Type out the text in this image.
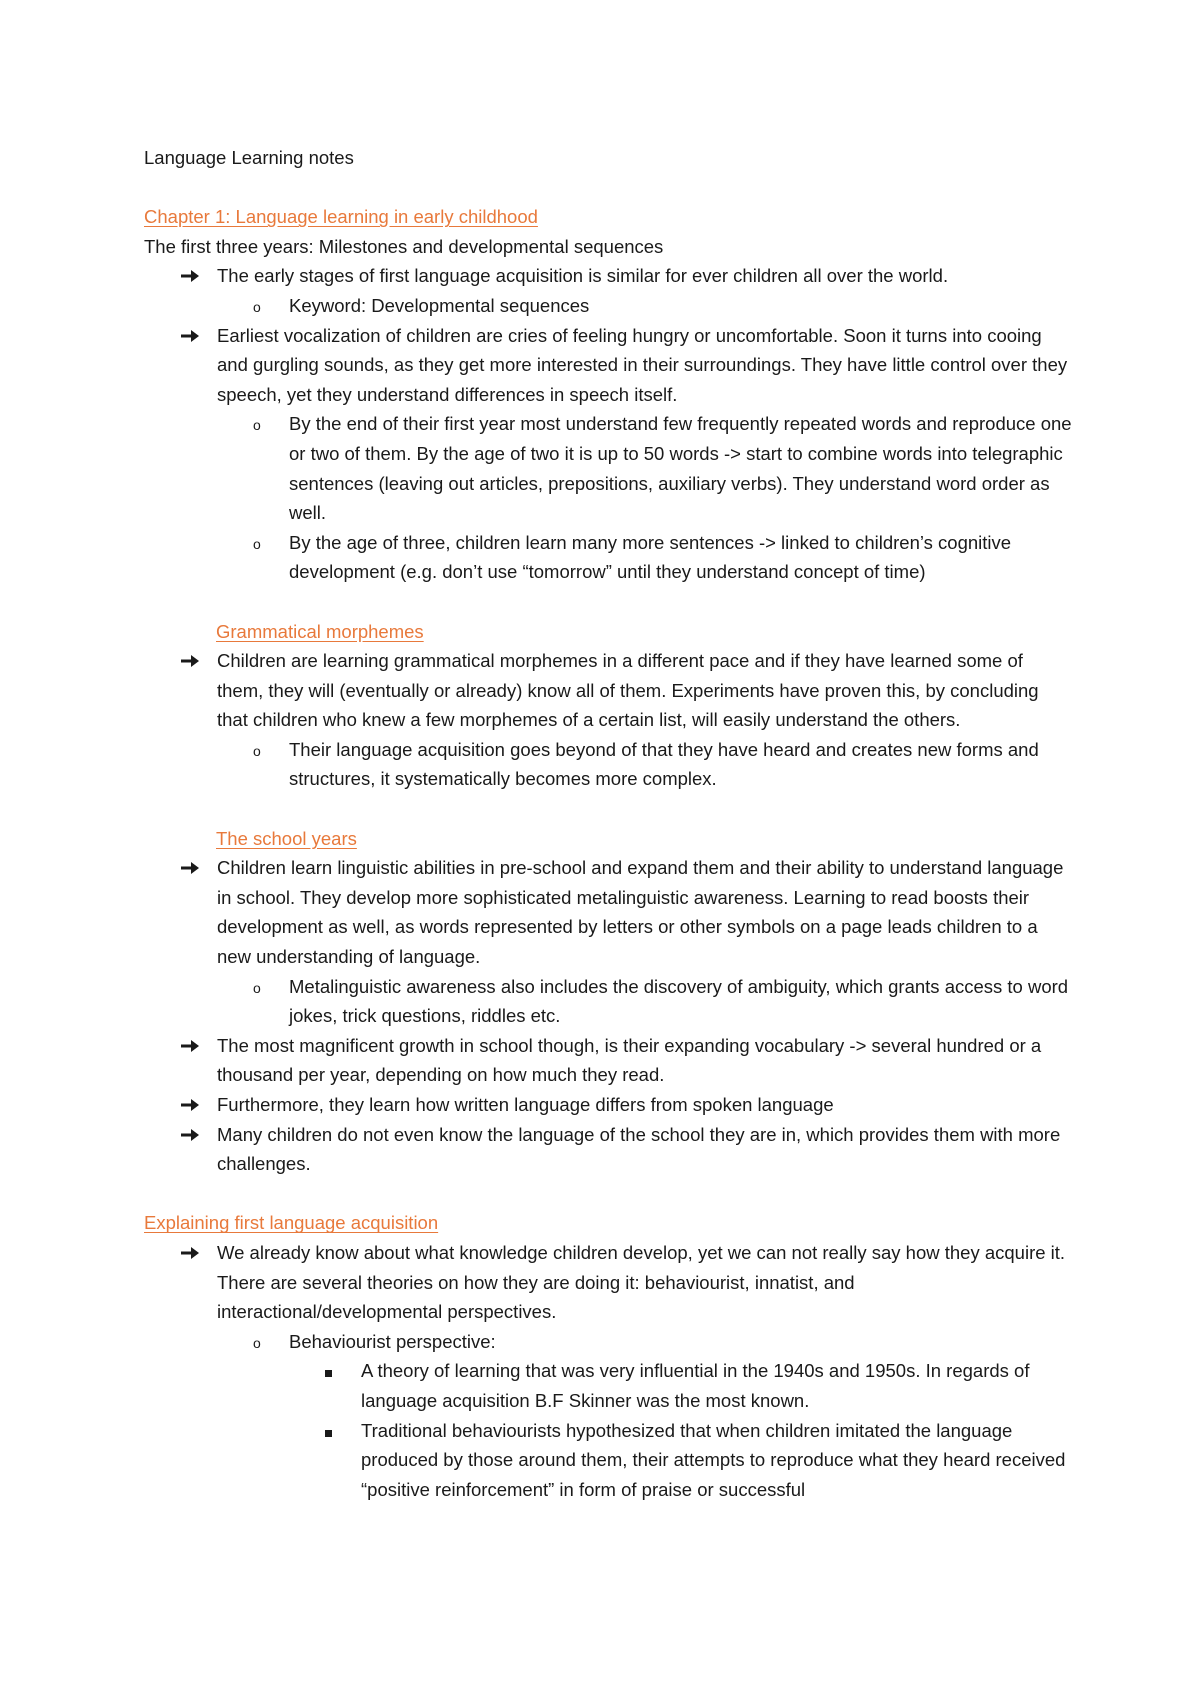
Language Learning notes

Chapter 1: Language learning in early childhood

The first three years: Milestones and developmental sequences

The early stages of first language acquisition is similar for ever children all over the world.
o	Keyword: Developmental sequences
Earliest vocalization of children are cries of feeling hungry or uncomfortable. Soon it turns into cooing and gurgling sounds, as they get more interested in their surroundings. They have little control over they speech, yet they understand differences in speech itself.
o	By the end of their first year most understand few frequently repeated words and reproduce one or two of them. By the age of two it is up to 50 words -> start to combine words into telegraphic sentences (leaving out articles, prepositions, auxiliary verbs). They understand word order as well.
o	By the age of three, children learn many more sentences -> linked to children’s cognitive development (e.g. don’t use “tomorrow” until they understand concept of time)

Grammatical morphemes

Children are learning grammatical morphemes in a different pace and if they have learned some of them, they will (eventually or already) know all of them. Experiments have proven this, by concluding that children who knew a few morphemes of a certain list, will easily understand the others.
o	Their language acquisition goes beyond of that they have heard and creates new forms and structures, it systematically becomes more complex.

The school years

Children learn linguistic abilities in pre-school and expand them and their ability to understand language in school. They develop more sophisticated metalinguistic awareness. Learning to read boosts their development as well, as words represented by letters or other symbols on a page leads children to a new understanding of language.
o	Metalinguistic awareness also includes the discovery of ambiguity, which grants access to word jokes, trick questions, riddles etc.
The most magnificent growth in school though, is their expanding vocabulary -> several hundred or a thousand per year, depending on how much they read.
Furthermore, they learn how written language differs from spoken language
Many children do not even know the language of the school they are in, which provides them with more challenges.

Explaining first language acquisition

We already know about what knowledge children develop, yet we can not really say how they acquire it. There are several theories on how they are doing it: behaviourist, innatist, and interactional/developmental perspectives.
o	Behaviourist perspective:
A theory of learning that was very influential in the 1940s and 1950s. In regards of language acquisition B.F Skinner was the most known.
Traditional behaviourists hypothesized that when children imitated the language produced by those around them, their attempts to reproduce what they heard received “positive reinforcement” in form of praise or successful
